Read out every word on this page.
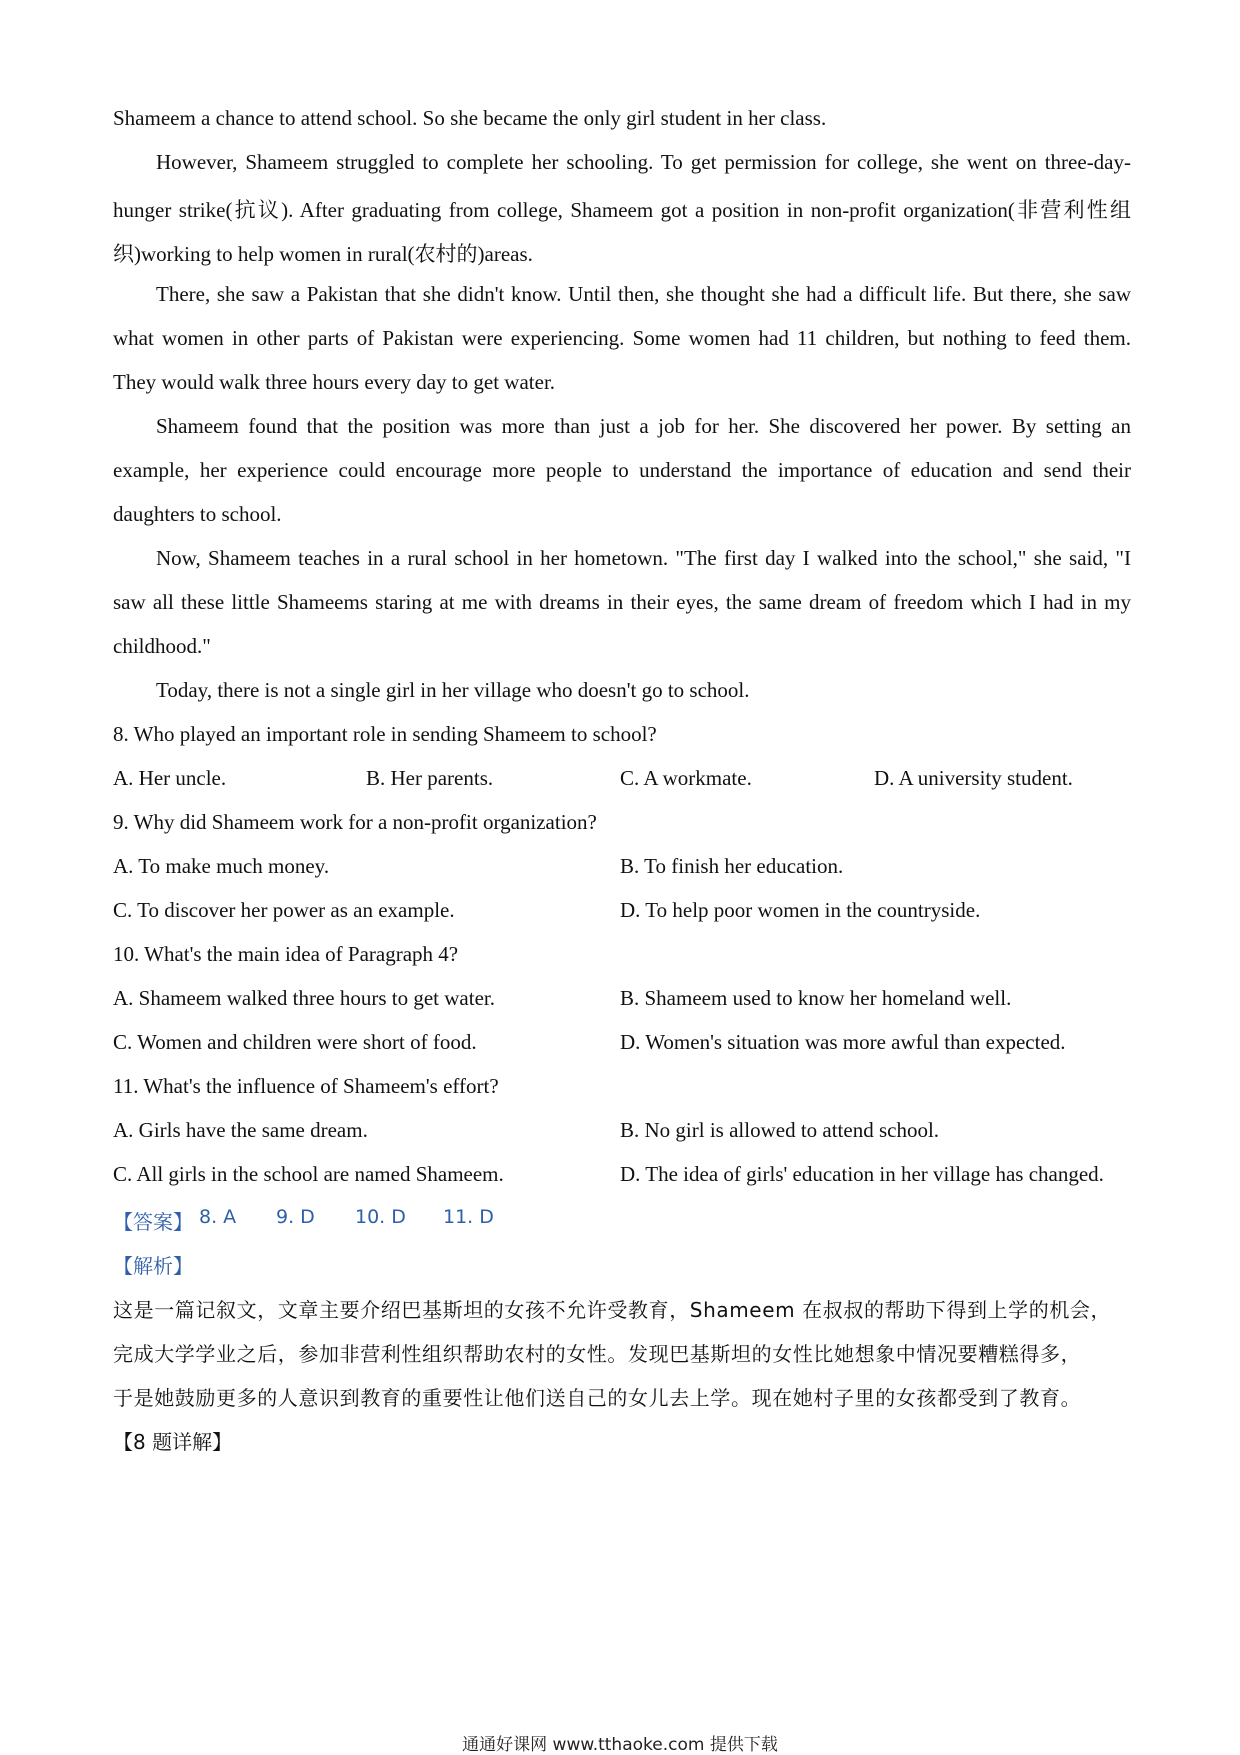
Shameem a chance to attend school. So she became the only girl student in her class.
However, Shameem struggled to complete her schooling. To get permission for college, she went on three-day-
hunger strike(抗议). After graduating from college, Shameem got a position in non-profit organization(非营利性组
织)working to help women in rural(农村的)areas.
There, she saw a Pakistan that she didn't know. Until then, she thought she had a difficult life. But there, she saw
what women in other parts of Pakistan were experiencing. Some women had 11 children, but nothing to feed them.
They would walk three hours every day to get water.
Shameem found that the position was more than just a job for her. She discovered her power. By setting an
example, her experience could encourage more people to understand the importance of education and send their
daughters to school.
Now, Shameem teaches in a rural school in her hometown. "The first day I walked into the school," she said, "I
saw all these little Shameems staring at me with dreams in their eyes, the same dream of freedom which I had in my
childhood."
Today, there is not a single girl in her village who doesn't go to school.
8. Who played an important role in sending Shameem to school?
A. Her uncle.	B. Her parents.	C. A workmate.	D. A university student.
9. Why did Shameem work for a non-profit organization?
A. To make much money.	B. To finish her education.
C. To discover her power as an example.	D. To help poor women in the countryside.
10. What's the main idea of Paragraph 4?
A. Shameem walked three hours to get water.	B. Shameem used to know her homeland well.
C. Women and children were short of food.	D. Women's situation was more awful than expected.
11. What's the influence of Shameem's effort?
A. Girls have the same dream.	B. No girl is allowed to attend school.
C. All girls in the school are named Shameem.	D. The idea of girls' education in her village has changed.
【答案】 8. A 9. D 10. D 11. D
【解析】
这是一篇记叙文，文章主要介绍巴基斯坦的女孩不允许受教育，Shameem 在叔叔的帮助下得到上学的机会，
完成大学学业之后，参加非营利性组织帮助农村的女性。发现巴基斯坦的女性比她想象中情况要糟糕得多，
于是她鼓励更多的人意识到教育的重要性让他们送自己的女儿去上学。现在她村子里的女孩都受到了教育。
【8 题详解】
通通好课网 www.tthaoke.com 提供下载
